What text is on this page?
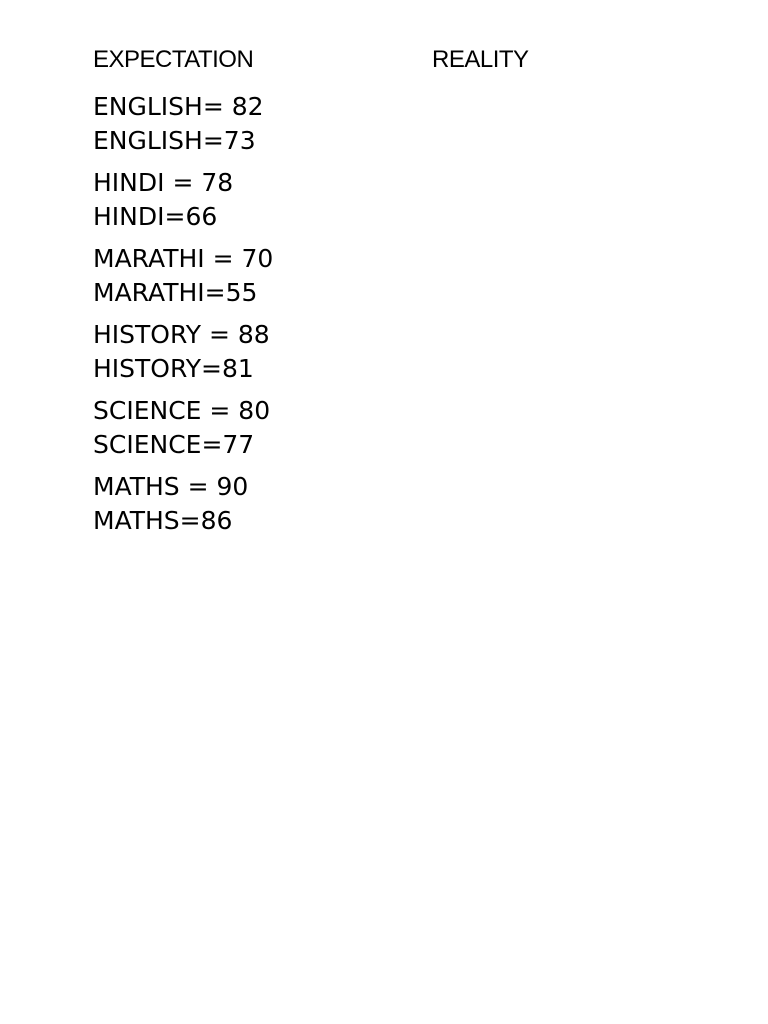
EXPECTATION	REALITY
ENGLISH= 82
ENGLISH=73
HINDI = 78
HINDI=66
MARATHI = 70
MARATHI=55
HISTORY = 88
HISTORY=81
SCIENCE = 80
SCIENCE=77
MATHS = 90
MATHS=86
